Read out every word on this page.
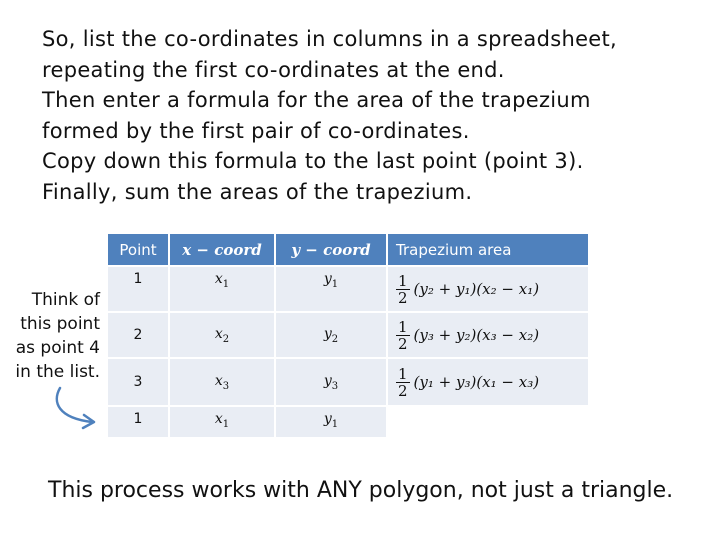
So, list the co-ordinates in columns in a spreadsheet,
repeating the first co-ordinates at the end.
Then enter a formula for the area of the trapezium
formed by the first pair of co-ordinates.
Copy down this formula to the last point (point 3).
Finally, sum the areas of the trapezium.
Point	x − coord	y − coord	Trapezium area
1	$x_1$	$y_1$	$\frac{1}{2} (y_2 + y_1)(x_2 - x_1)$
2	$x_2$	$y_2$	$\frac{1}{2} (y_3 + y_2)(x_3 - x_2)$
3	$x_3$	$y_3$	$\frac{1}{2} (y_1 + y_3)(x_1 - x_3)$
1	$x_1$	$y_1$
Think of
this point
as point 4
in the list.
This process works with ANY polygon, not just a triangle.
